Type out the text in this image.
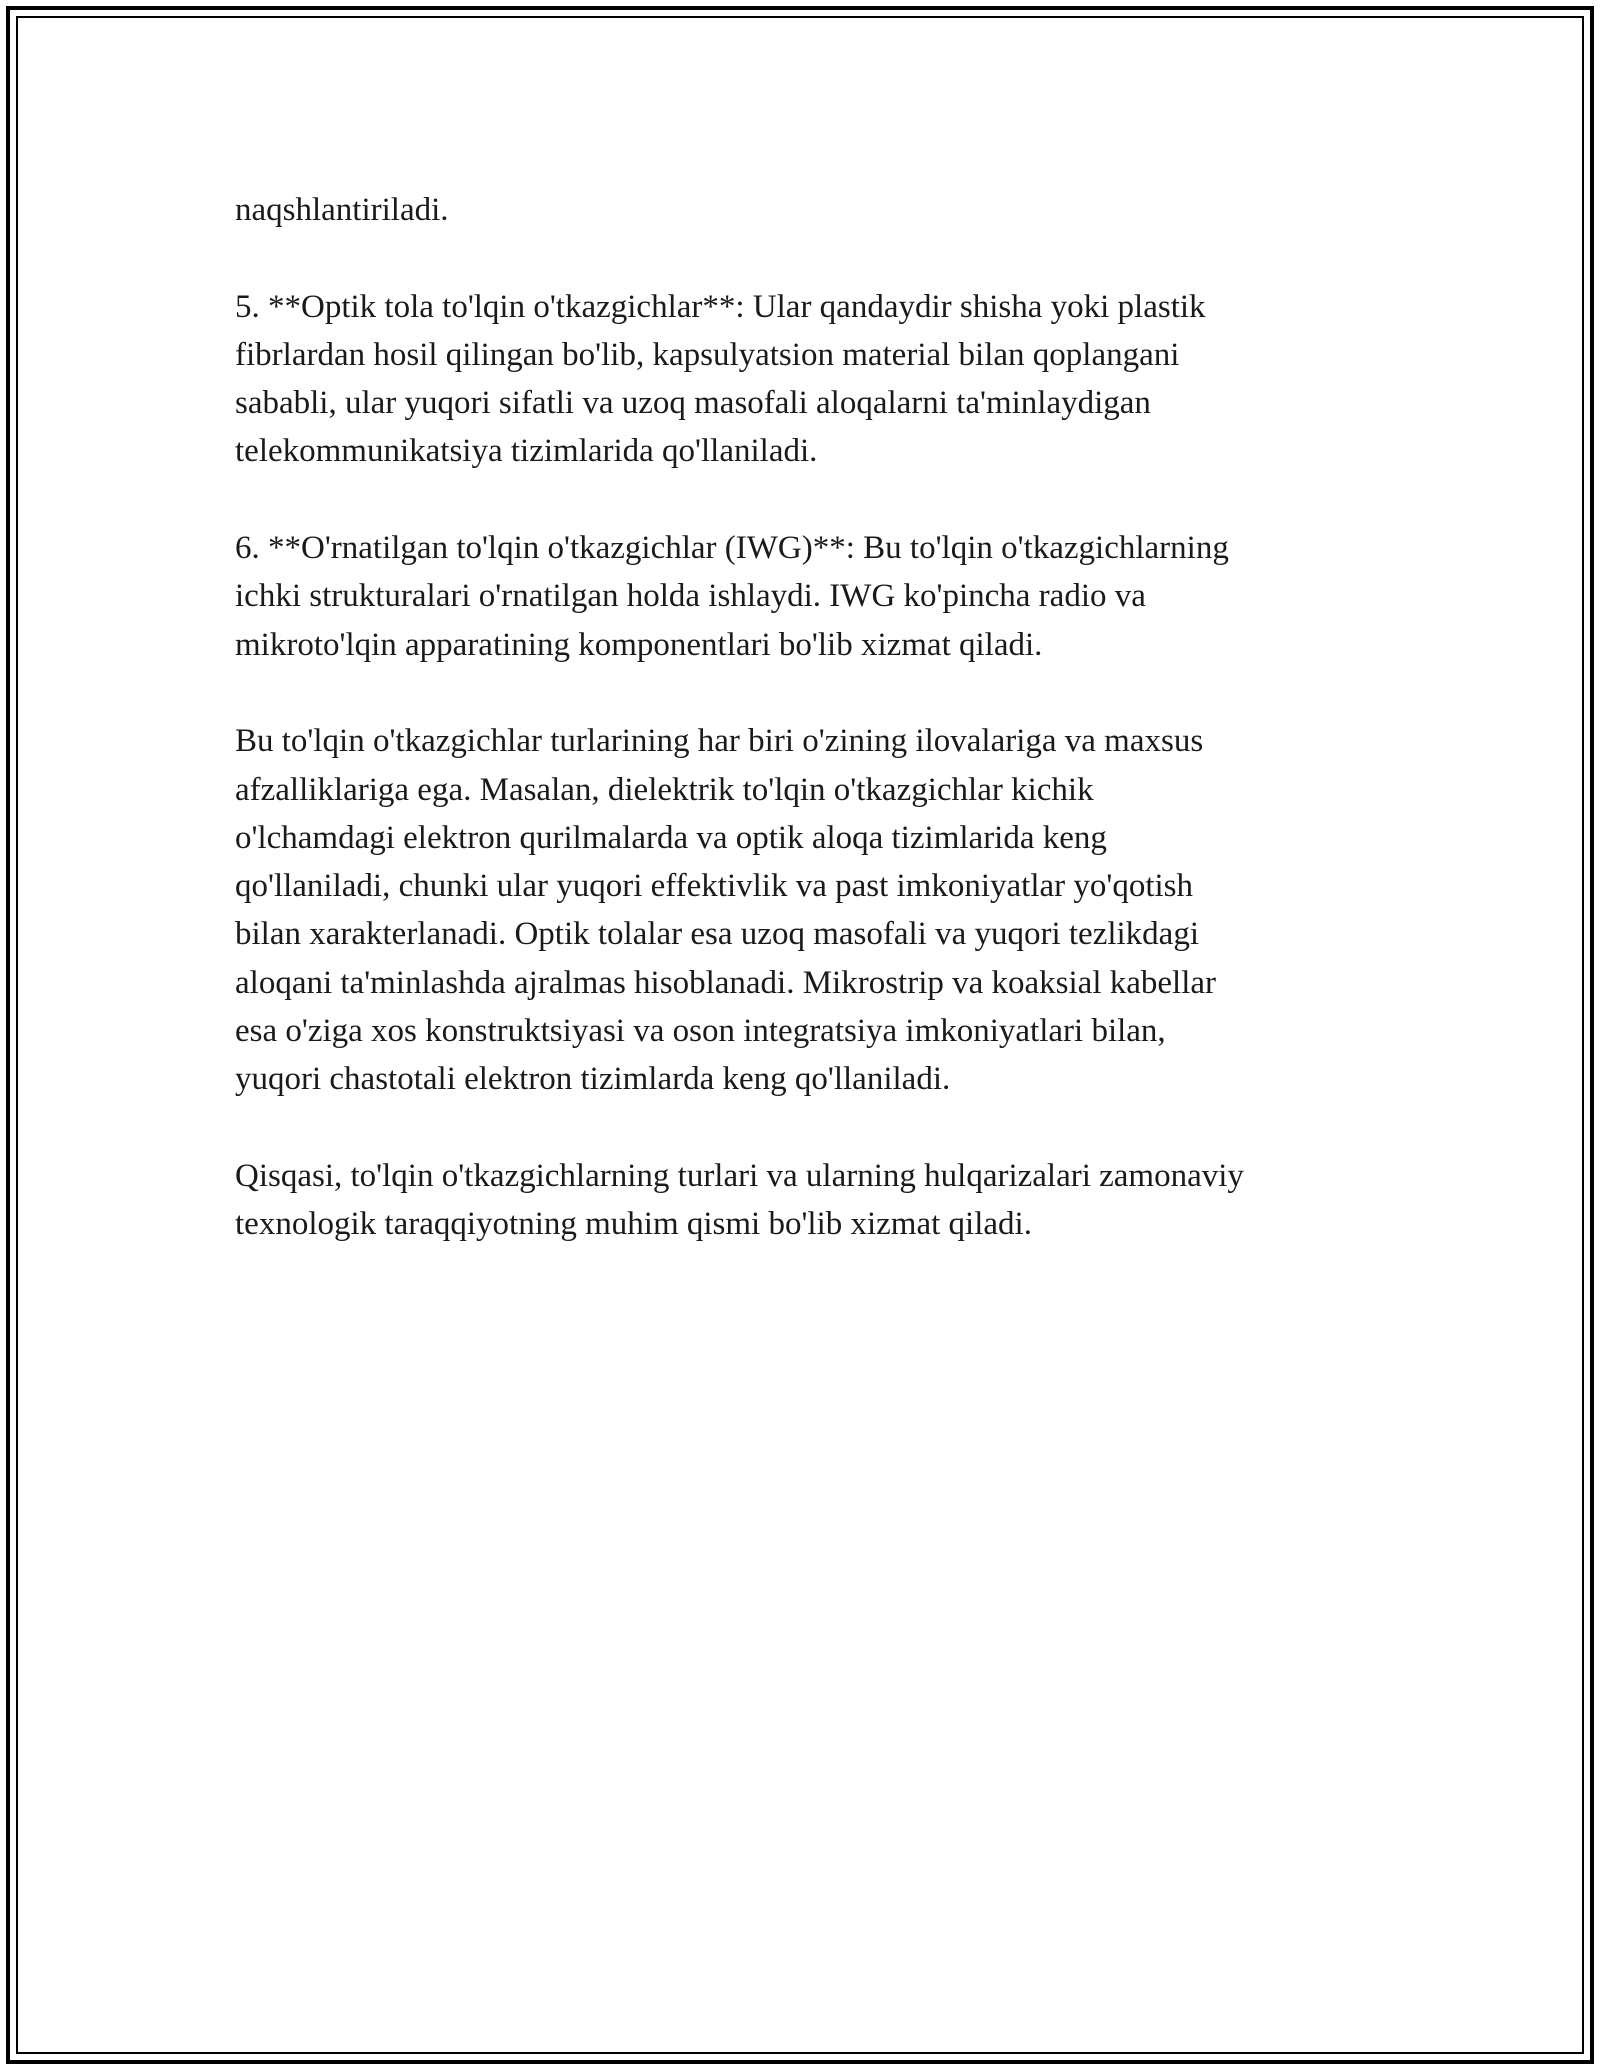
naqshlantiriladi.

5. **Optik tola to'lqin o'tkazgichlar**: Ular qandaydir shisha yoki plastik
fibrlardan hosil qilingan bo'lib, kapsulyatsion material bilan qoplangani
sababli, ular yuqori sifatli va uzoq masofali aloqalarni ta'minlaydigan
telekommunikatsiya tizimlarida qo'llaniladi.

6. **O'rnatilgan to'lqin o'tkazgichlar (IWG)**: Bu to'lqin o'tkazgichlarning
ichki strukturalari o'rnatilgan holda ishlaydi. IWG ko'pincha radio va
mikroto'lqin apparatining komponentlari bo'lib xizmat qiladi.

Bu to'lqin o'tkazgichlar turlarining har biri o'zining ilovalariga va maxsus
afzalliklariga ega. Masalan, dielektrik to'lqin o'tkazgichlar kichik
o'lchamdagi elektron qurilmalarda va optik aloqa tizimlarida keng
qo'llaniladi, chunki ular yuqori effektivlik va past imkoniyatlar yo'qotish
bilan xarakterlanadi. Optik tolalar esa uzoq masofali va yuqori tezlikdagi
aloqani ta'minlashda ajralmas hisoblanadi. Mikrostrip va koaksial kabellar
esa o'ziga xos konstruktsiyasi va oson integratsiya imkoniyatlari bilan,
yuqori chastotali elektron tizimlarda keng qo'llaniladi.

Qisqasi, to'lqin o'tkazgichlarning turlari va ularning hulqarizalari zamonaviy
texnologik taraqqiyotning muhim qismi bo'lib xizmat qiladi.
